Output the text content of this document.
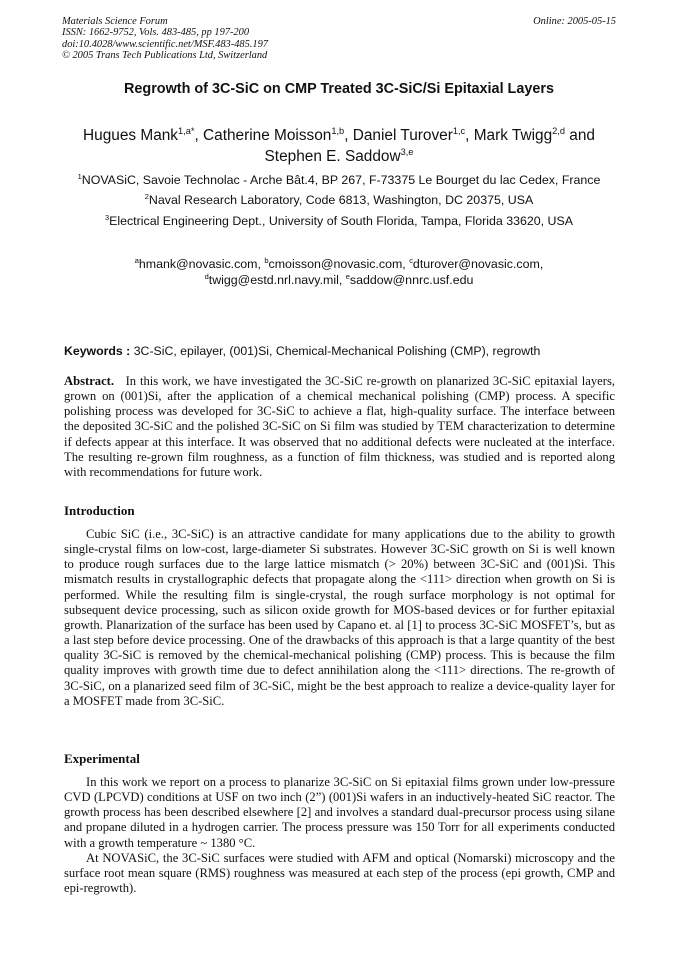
Materials Science Forum
ISSN: 1662-9752, Vols. 483-485, pp 197-200
doi:10.4028/www.scientific.net/MSF.483-485.197
© 2005 Trans Tech Publications Ltd, Switzerland
Online: 2005-05-15
Regrowth of 3C-SiC on CMP Treated 3C-SiC/Si Epitaxial Layers
Hugues Mank$^{1,a*}$, Catherine Moisson$^{1,b}$, Daniel Turover$^{1,c}$, Mark Twigg$^{2,d}$ and
Stephen E. Saddow$^{3,e}$
$^1$NOVASiC, Savoie Technolac - Arche Bât.4, BP 267, F-73375 Le Bourget du lac Cedex, France
$^2$Naval Research Laboratory, Code 6813, Washington, DC 20375, USA
$^3$Electrical Engineering Dept., University of South Florida, Tampa, Florida 33620, USA
$^a$hmank@novasic.com, $^b$cmoisson@novasic.com, $^c$dturover@novasic.com,
$^d$twigg@estd.nrl.navy.mil, $^e$saddow@nnrc.usf.edu
Keywords : 3C-SiC, epilayer, (001)Si, Chemical-Mechanical Polishing (CMP), regrowth

Abstract. In this work, we have investigated the 3C-SiC re-growth on planarized 3C-SiC epitaxial layers, grown on (001)Si, after the application of a chemical mechanical polishing (CMP) process. A specific polishing process was developed for 3C-SiC to achieve a flat, high-quality surface. The interface between the deposited 3C-SiC and the polished 3C-SiC on Si film was studied by TEM characterization to determine if defects appear at this interface. It was observed that no additional defects were nucleated at the interface. The resulting re-grown film roughness, as a function of film thickness, was studied and is reported along with recommendations for future work.

Introduction

Cubic SiC (i.e., 3C-SiC) is an attractive candidate for many applications due to the ability to growth single-crystal films on low-cost, large-diameter Si substrates. However 3C-SiC growth on Si is well known to produce rough surfaces due to the large lattice mismatch (> 20%) between 3C-SiC and (001)Si. This mismatch results in crystallographic defects that propagate along the <111> direction when growth on Si is performed. While the resulting film is single-crystal, the rough surface morphology is not optimal for subsequent device processing, such as silicon oxide growth for MOS-based devices or for further epitaxial growth. Planarization of the surface has been used by Capano et. al [1] to process 3C-SiC MOSFET’s, but as a last step before device processing. One of the drawbacks of this approach is that a large quantity of the best quality 3C-SiC is removed by the chemical-mechanical polishing (CMP) process. This is because the film quality improves with growth time due to defect annihilation along the <111> directions. The re-growth of 3C-SiC, on a planarized seed film of 3C-SiC, might be the best approach to realize a device-quality layer for a MOSFET made from 3C-SiC.

Experimental

In this work we report on a process to planarize 3C-SiC on Si epitaxial films grown under low-pressure CVD (LPCVD) conditions at USF on two inch (2”) (001)Si wafers in an inductively-heated SiC reactor. The growth process has been described elsewhere [2] and involves a standard dual-precursor process using silane and propane diluted in a hydrogen carrier. The process pressure was 150 Torr for all experiments conducted with a growth temperature ~ 1380 °C.

At NOVASiC, the 3C-SiC surfaces were studied with AFM and optical (Nomarski) microscopy and the surface root mean square (RMS) roughness was measured at each step of the process (epi growth, CMP and epi-regrowth).
